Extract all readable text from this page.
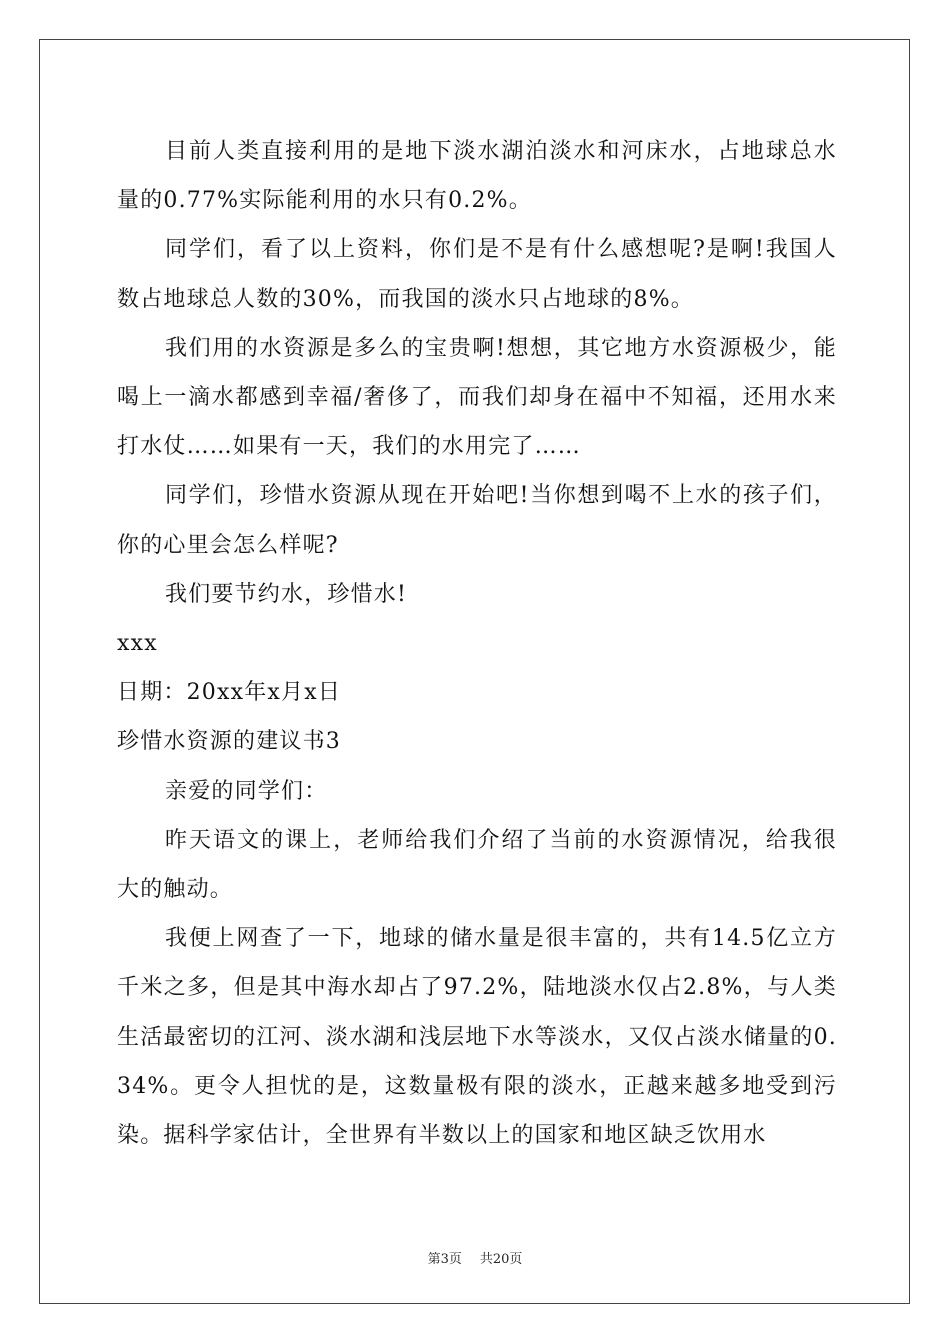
目前人类直接利用的是地下淡水湖泊淡水和河床水，占地球总水量的0.77%实际能利用的水只有0.2%。

同学们，看了以上资料，你们是不是有什么感想呢?是啊!我国人数占地球总人数的30%，而我国的淡水只占地球的8%。

我们用的水资源是多么的宝贵啊!想想，其它地方水资源极少，能喝上一滴水都感到幸福/奢侈了，而我们却身在福中不知福，还用水来打水仗……如果有一天，我们的水用完了……

同学们，珍惜水资源从现在开始吧!当你想到喝不上水的孩子们，你的心里会怎么样呢?

我们要节约水，珍惜水!

xxx

日期：20xx年x月x日

珍惜水资源的建议书3

亲爱的同学们：

昨天语文的课上，老师给我们介绍了当前的水资源情况，给我很大的触动。

我便上网查了一下，地球的储水量是很丰富的，共有14.5亿立方千米之多，但是其中海水却占了97.2%，陆地淡水仅占2.8%，与人类生活最密切的江河、淡水湖和浅层地下水等淡水，又仅占淡水储量的0.34%。更令人担忧的是，这数量极有限的淡水，正越来越多地受到污染。据科学家估计，全世界有半数以上的国家和地区缺乏饮用水

第3页 共20页
